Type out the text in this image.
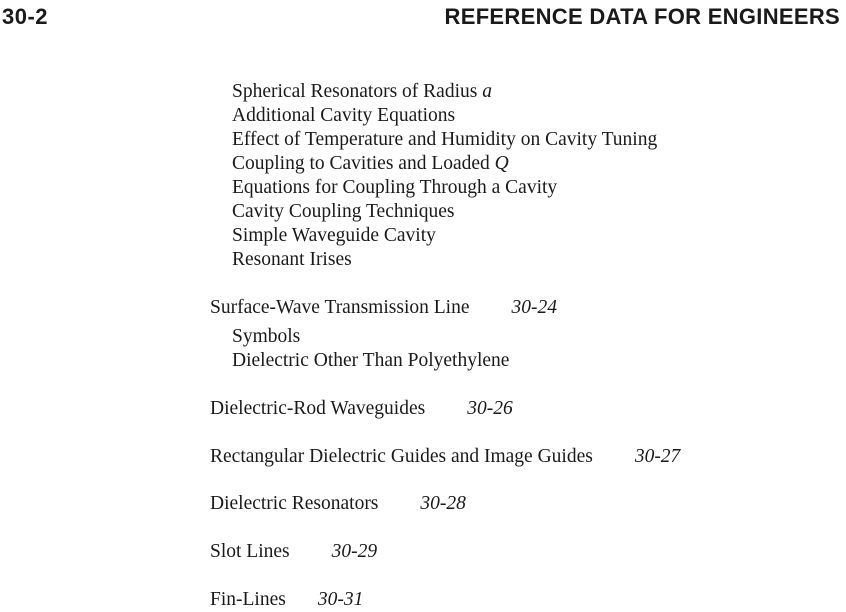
30-2	REFERENCE DATA FOR ENGINEERS
Spherical Resonators of Radius a
Additional Cavity Equations
Effect of Temperature and Humidity on Cavity Tuning
Coupling to Cavities and Loaded Q
Equations for Coupling Through a Cavity
Cavity Coupling Techniques
Simple Waveguide Cavity
Resonant Irises
Surface-Wave Transmission Line 30-24
Symbols
Dielectric Other Than Polyethylene
Dielectric-Rod Waveguides 30-26
Rectangular Dielectric Guides and Image Guides 30-27
Dielectric Resonators 30-28
Slot Lines 30-29
Fin-Lines 30-31
